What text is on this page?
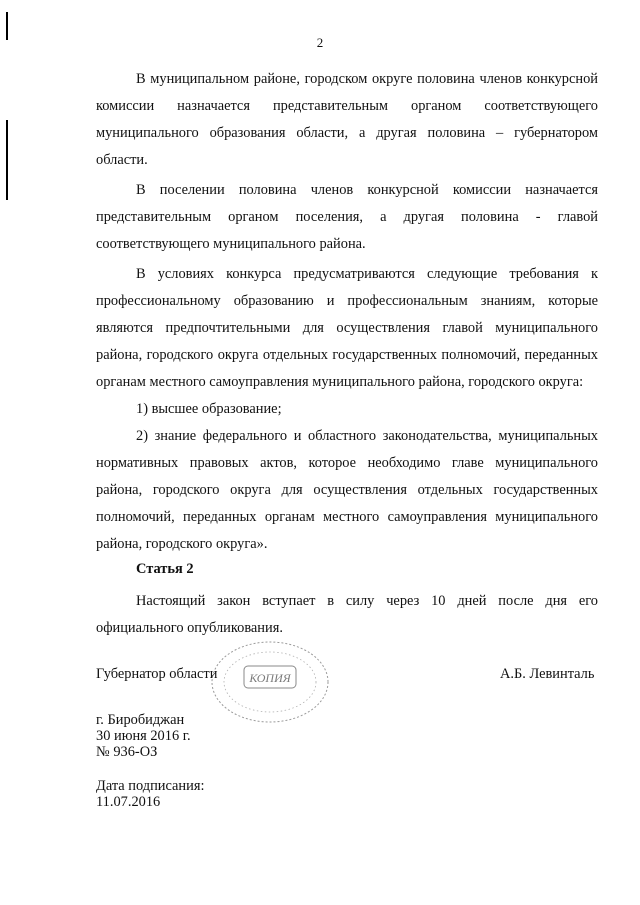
2

В муниципальном районе, городском округе половина членов конкурсной комиссии назначается представительным органом соответствующего муниципального образования области, а другая половина – губернатором области.

В поселении половина членов конкурсной комиссии назначается представительным органом поселения, а другая половина - главой соответствующего муниципального района.

В условиях конкурса предусматриваются следующие требования к профессиональному образованию и профессиональным знаниям, которые являются предпочтительными для осуществления главой муниципального района, городского округа отдельных государственных полномочий, переданных органам местного самоуправления муниципального района, городского округа:

1) высшее образование;

2) знание федерального и областного законодательства, муниципальных нормативных правовых актов, которое необходимо главе муниципального района, городского округа для осуществления отдельных государственных полномочий, переданных органам местного самоуправления муниципального района, городского округа».

Статья 2
Настоящий закон вступает в силу через 10 дней после дня его официального опубликования.
КОПИЯ
Губернатор области	А.Б. Левинталь
г. Биробиджан
30 июня 2016 г.
№ 936-ОЗ
Дата подписания:
11.07.2016
